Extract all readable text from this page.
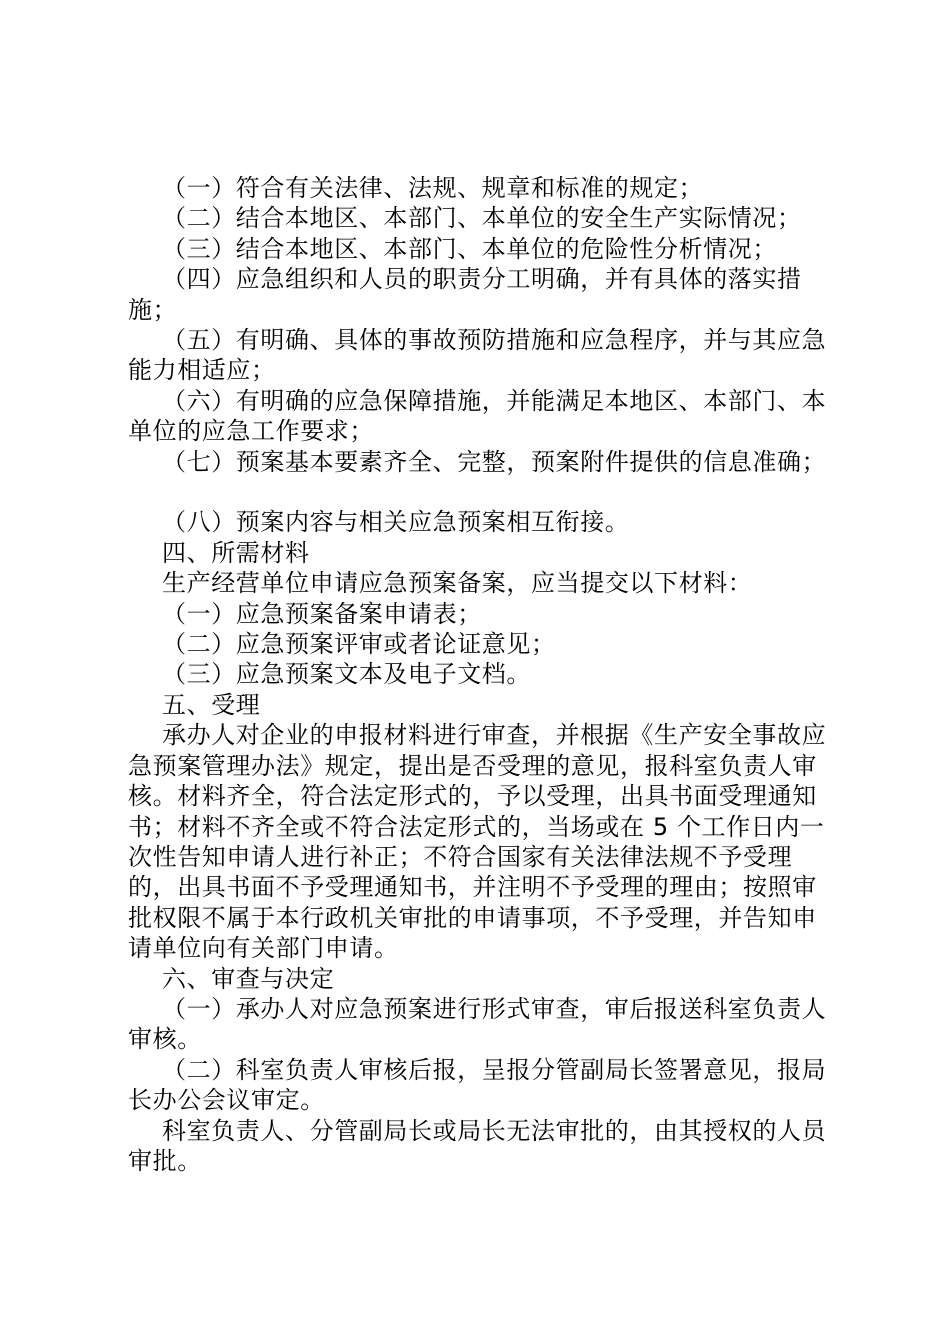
（一）符合有关法律、法规、规章和标准的规定；

（二）结合本地区、本部门、本单位的安全生产实际情况；

（三）结合本地区、本部门、本单位的危险性分析情况；

（四）应急组织和人员的职责分工明确，并有具体的落实措施；

（五）有明确、具体的事故预防措施和应急程序，并与其应急能力相适应；

（六）有明确的应急保障措施，并能满足本地区、本部门、本单位的应急工作要求；

（七）预案基本要素齐全、完整，预案附件提供的信息准确；

（八）预案内容与相关应急预案相互衔接。

四、所需材料

生产经营单位申请应急预案备案，应当提交以下材料：

（一）应急预案备案申请表；

（二）应急预案评审或者论证意见；

（三）应急预案文本及电子文档。

五、受理

承办人对企业的申报材料进行审查，并根据《生产安全事故应急预案管理办法》规定，提出是否受理的意见，报科室负责人审核。材料齐全，符合法定形式的，予以受理，出具书面受理通知书；材料不齐全或不符合法定形式的，当场或在 5 个工作日内一次性告知申请人进行补正；不符合国家有关法律法规不予受理的，出具书面不予受理通知书，并注明不予受理的理由；按照审批权限不属于本行政机关审批的申请事项，不予受理，并告知申请单位向有关部门申请。

六、审查与决定

（一）承办人对应急预案进行形式审查，审后报送科室负责人审核。

（二）科室负责人审核后报，呈报分管副局长签署意见，报局长办公会议审定。

科室负责人、分管副局长或局长无法审批的，由其授权的人员审批。
